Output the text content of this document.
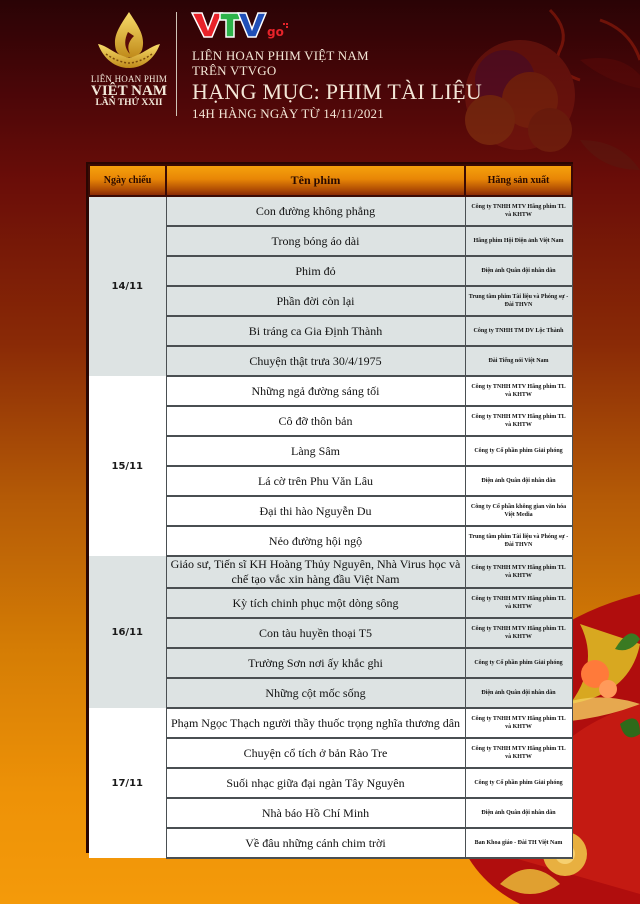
LIÊN HOAN PHIM
VIỆT NAM
LẦN THỨ XXII
go
LIÊN HOAN PHIM VIỆT NAM
TRÊN VTVGO
HẠNG MỤC: PHIM TÀI LIỆU
14H HÀNG NGÀY TỪ 14/11/2021
Ngày chiếu	Tên phim	Hãng sản xuất
14/11	Con đường không phẳng	Công ty TNHH MTV Hãng phim TL và KHTW
	Trong bóng áo dài	Hãng phim Hội Điện ảnh Việt Nam
	Phim đỏ	Điện ảnh Quân đội nhân dân
	Phần đời còn lại	Trung tâm phim Tài liệu và Phóng sự - Đài THVN
	Bi tráng ca Gia Định Thành	Công ty TNHH TM DV Lộc Thành
	Chuyện thật trưa 30/4/1975	Đài Tiếng nói Việt Nam
15/11	Những ngả đường sáng tối	Công ty TNHH MTV Hãng phim TL và KHTW
	Cô đỡ thôn bản	Công ty TNHH MTV Hãng phim TL và KHTW
	Làng Sâm	Công ty Cổ phần phim Giải phóng
	Lá cờ trên Phu Văn Lâu	Điện ảnh Quân đội nhân dân
	Đại thi hào Nguyễn Du	Công ty Cổ phần không gian văn hóa Việt Media
	Nẻo đường hội ngộ	Trung tâm phim Tài liệu và Phóng sự - Đài THVN
16/11	Giáo sư, Tiến sĩ KH Hoàng Thủy Nguyên, Nhà Virus học và chế tạo vắc xin hàng đầu Việt Nam	Công ty TNHH MTV Hãng phim TL và KHTW
	Kỳ tích chinh phục một dòng sông	Công ty TNHH MTV Hãng phim TL và KHTW
	Con tàu huyền thoại T5	Công ty TNHH MTV Hãng phim TL và KHTW
	Trường Sơn nơi ấy khắc ghi	Công ty Cổ phần phim Giải phóng
	Những cột mốc sống	Điện ảnh Quân đội nhân dân
17/11	Phạm Ngọc Thạch người thầy thuốc trọng nghĩa thương dân	Công ty TNHH MTV Hãng phim TL và KHTW
	Chuyện cổ tích ở bản Rào Tre	Công ty TNHH MTV Hãng phim TL và KHTW
	Suối nhạc giữa đại ngàn Tây Nguyên	Công ty Cổ phần phim Giải phóng
	Nhà báo Hồ Chí Minh	Điện ảnh Quân đội nhân dân
	Về đâu những cánh chim trời	Ban Khoa giáo - Đài TH Việt Nam
